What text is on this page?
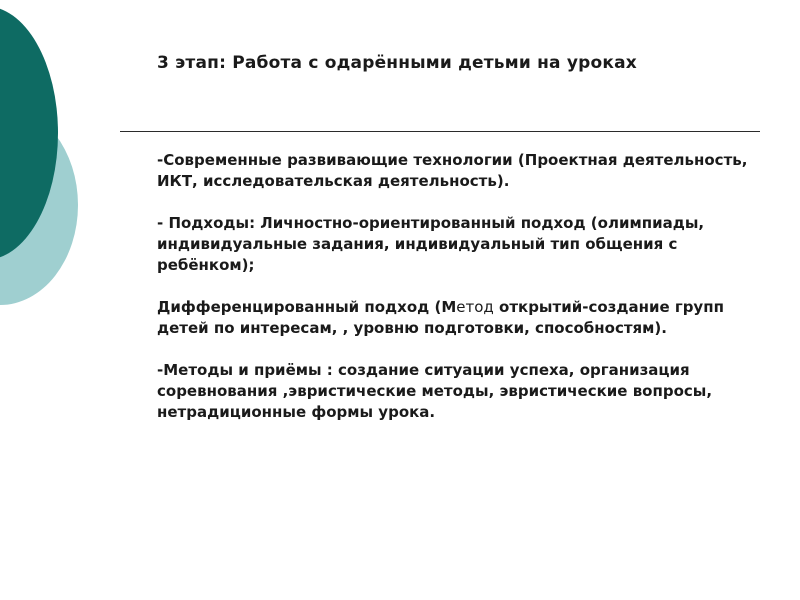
3 этап: Работа с одарёнными детьми на уроках

-Современные развивающие технологии (Проектная деятельность, ИКТ, исследовательская деятельность).

- Подходы: Личностно-ориентированный подход (олимпиады, индивидуальные задания, индивидуальный тип общения с ребёнком);

Дифференцированный подход (Метод открытий-создание групп детей по интересам, , уровню подготовки, способностям).

-Методы и приёмы : создание ситуации успеха, организация соревнования ,эвристические методы, эвристические вопросы, нетрадиционные формы урока.
